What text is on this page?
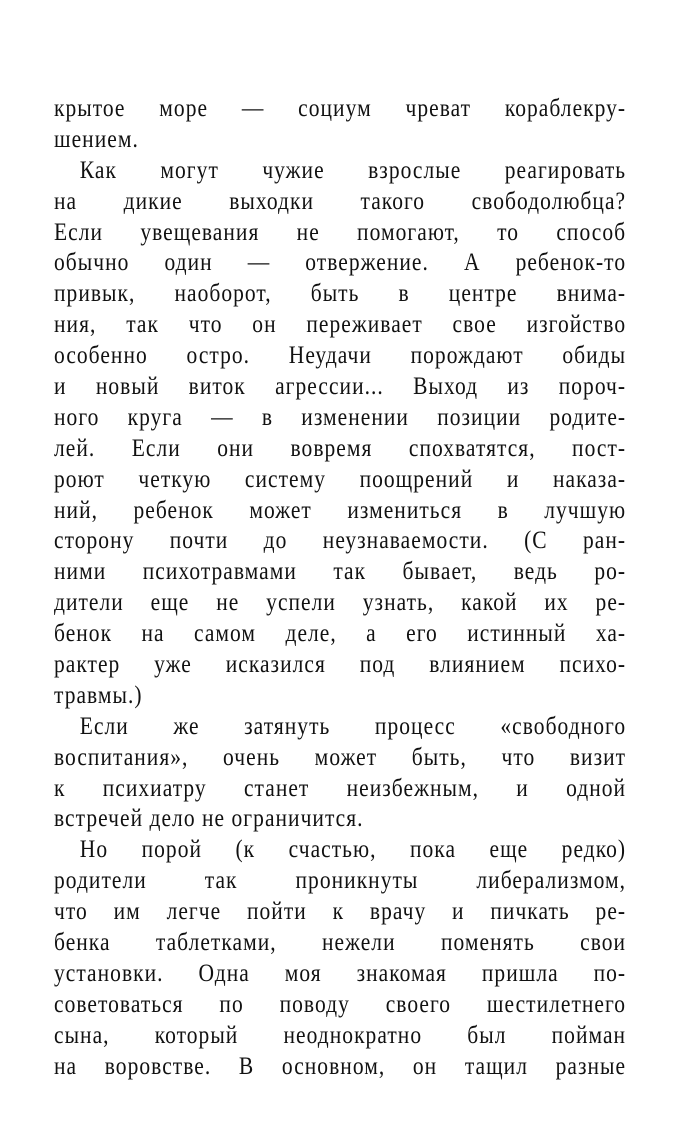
крытое море — социум чреват кораблекру-
шением.
Как могут чужие взрослые реагировать
на дикие выходки такого свободолюбца?
Если увещевания не помогают, то способ
обычно один — отвержение. А ребенок-то
привык, наоборот, быть в центре внима-
ния, так что он переживает свое изгойство
особенно остро. Неудачи порождают обиды
и новый виток агрессии... Выход из пороч-
ного круга — в изменении позиции родите-
лей. Если они вовремя спохватятся, пост-
роют четкую систему поощрений и наказа-
ний, ребенок может измениться в лучшую
сторону почти до неузнаваемости. (С ран-
ними психотравмами так бывает, ведь ро-
дители еще не успели узнать, какой их ре-
бенок на самом деле, а его истинный ха-
рактер уже исказился под влиянием психо-
травмы.)
Если же затянуть процесс «свободного
воспитания», очень может быть, что визит
к психиатру станет неизбежным, и одной
встречей дело не ограничится.
Но порой (к счастью, пока еще редко)
родители так проникнуты либерализмом,
что им легче пойти к врачу и пичкать ре-
бенка таблетками, нежели поменять свои
установки. Одна моя знакомая пришла по-
советоваться по поводу своего шестилетнего
сына, который неоднократно был пойман
на воровстве. В основном, он тащил разные
